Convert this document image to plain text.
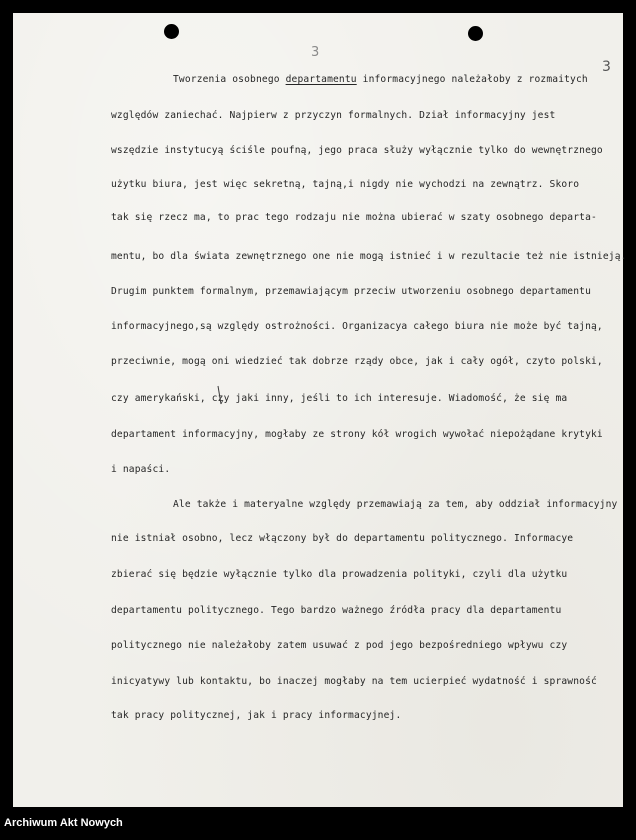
3
3
Tworzenia osobnego departamentu informacyjnego należałoby z rozmaitych
względów zaniechać. Najpierw z przyczyn formalnych. Dział informacyjny jest
wszędzie instytucyą ściśle poufną, jego praca służy wyłącznie tylko do wewnętrznego
użytku biura, jest więc sekretną, tajną,i nigdy nie wychodzi na zewnątrz. Skoro
tak się rzecz ma, to prac tego rodzaju nie można ubierać w szaty osobnego departa-
mentu, bo dla świata zewnętrznego one nie mogą istnieć i w rezultacie też nie istnieją.
Drugim punktem formalnym, przemawiającym przeciw utworzeniu osobnego departamentu
informacyjnego,są względy ostrożności. Organizacya całego biura nie może być tajną,
przeciwnie, mogą oni wiedzieć tak dobrze rządy obce, jak i cały ogół, czyto polski,
czy amerykański, czy jaki inny, jeśli to ich interesuje. Wiadomość, że się ma
departament informacyjny, mogłaby ze strony kół wrogich wywołać niepożądane krytyki
i napaści.
Ale także i materyalne względy przemawiają za tem, aby oddział informacyjny
nie istniał osobno, lecz włączony był do departamentu politycznego. Informacye
zbierać się będzie wyłącznie tylko dla prowadzenia polityki, czyli dla użytku
departamentu politycznego. Tego bardzo ważnego źródła pracy dla departamentu
politycznego nie należałoby zatem usuwać z pod jego bezpośredniego wpływu czy
inicyatywy lub kontaktu, bo inaczej mogłaby na tem ucierpieć wydatność i sprawność
tak pracy politycznej, jak i pracy informacyjnej.
Archiwum Akt Nowych
